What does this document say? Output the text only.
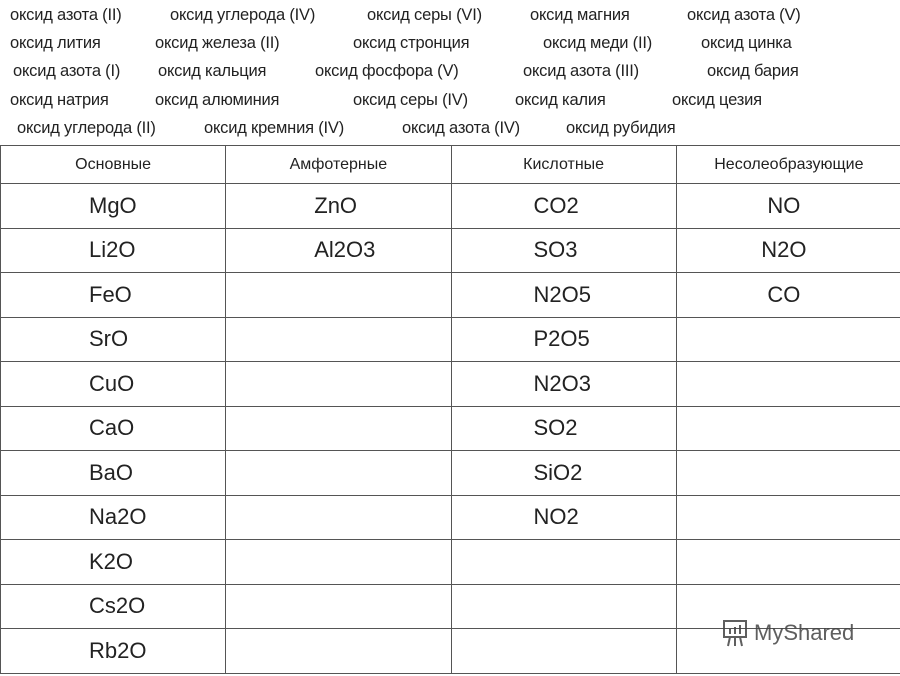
оксид азота (II)	оксид углерода (IV)	оксид серы (VI)	оксид магния	оксид азота (V)
оксид лития	оксид железа (II)	оксид стронция	оксид меди (II)	оксид цинка
оксид азота (I) оксид кальция	оксид фосфора (V)	оксид азота (III)	оксид бария
оксид натрия	оксид алюминия	оксид серы (IV)	оксид калия	оксид цезия
оксид углерода (II)	оксид кремния (IV)	оксид азота (IV)	оксид рубидия
Основные	Амфотерные	Кислотные	Несолеобразующие
MgO	ZnO	CO2	NO
Li2O	Al2O3	SO3	N2O
FeO		N2O5	CO
SrO		P2O5	
CuO		N2O3	
CaO		SO2	
BaO		SiO2	
Na2O		NO2	
K2O			
Cs2O			
Rb2O			
MyShared
